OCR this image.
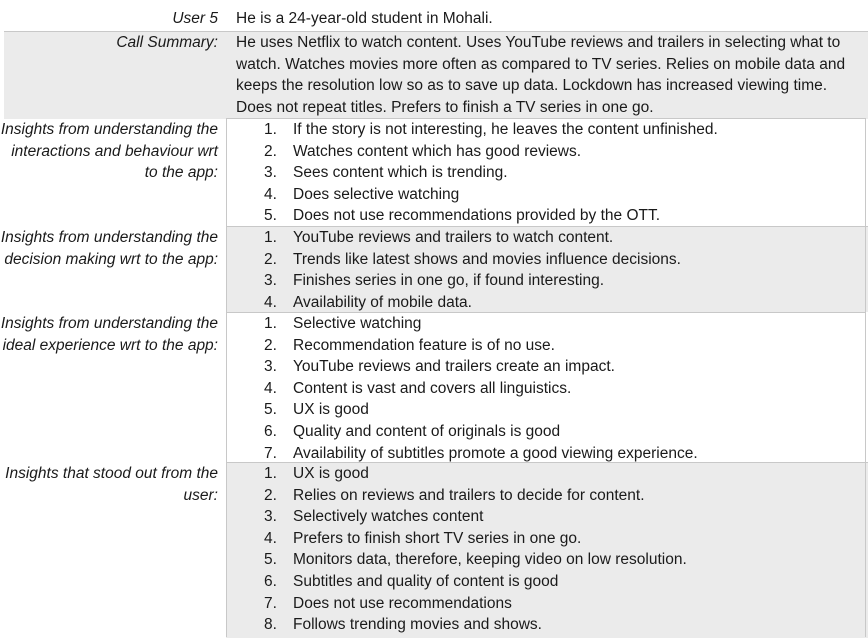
User 5 He is a 24-year-old student in Mohali.
Call Summary: He uses Netflix to watch content. Uses YouTube reviews and trailers in selecting what to watch. Watches movies more often as compared to TV series. Relies on mobile data and keeps the resolution low so as to save up data. Lockdown has increased viewing time. Does not repeat titles. Prefers to finish a TV series in one go.
Insights from understanding the interactions and behaviour wrt to the app:
1. If the story is not interesting, he leaves the content unfinished.
2. Watches content which has good reviews.
3. Sees content which is trending.
4. Does selective watching
5. Does not use recommendations provided by the OTT.
Insights from understanding the decision making wrt to the app:
1. YouTube reviews and trailers to watch content.
2. Trends like latest shows and movies influence decisions.
3. Finishes series in one go, if found interesting.
4. Availability of mobile data.
Insights from understanding the ideal experience wrt to the app:
1. Selective watching
2. Recommendation feature is of no use.
3. YouTube reviews and trailers create an impact.
4. Content is vast and covers all linguistics.
5. UX is good
6. Quality and content of originals is good
7. Availability of subtitles promote a good viewing experience.
Insights that stood out from the user:
1. UX is good
2. Relies on reviews and trailers to decide for content.
3. Selectively watches content
4. Prefers to finish short TV series in one go.
5. Monitors data, therefore, keeping video on low resolution.
6. Subtitles and quality of content is good
7. Does not use recommendations
8. Follows trending movies and shows.
